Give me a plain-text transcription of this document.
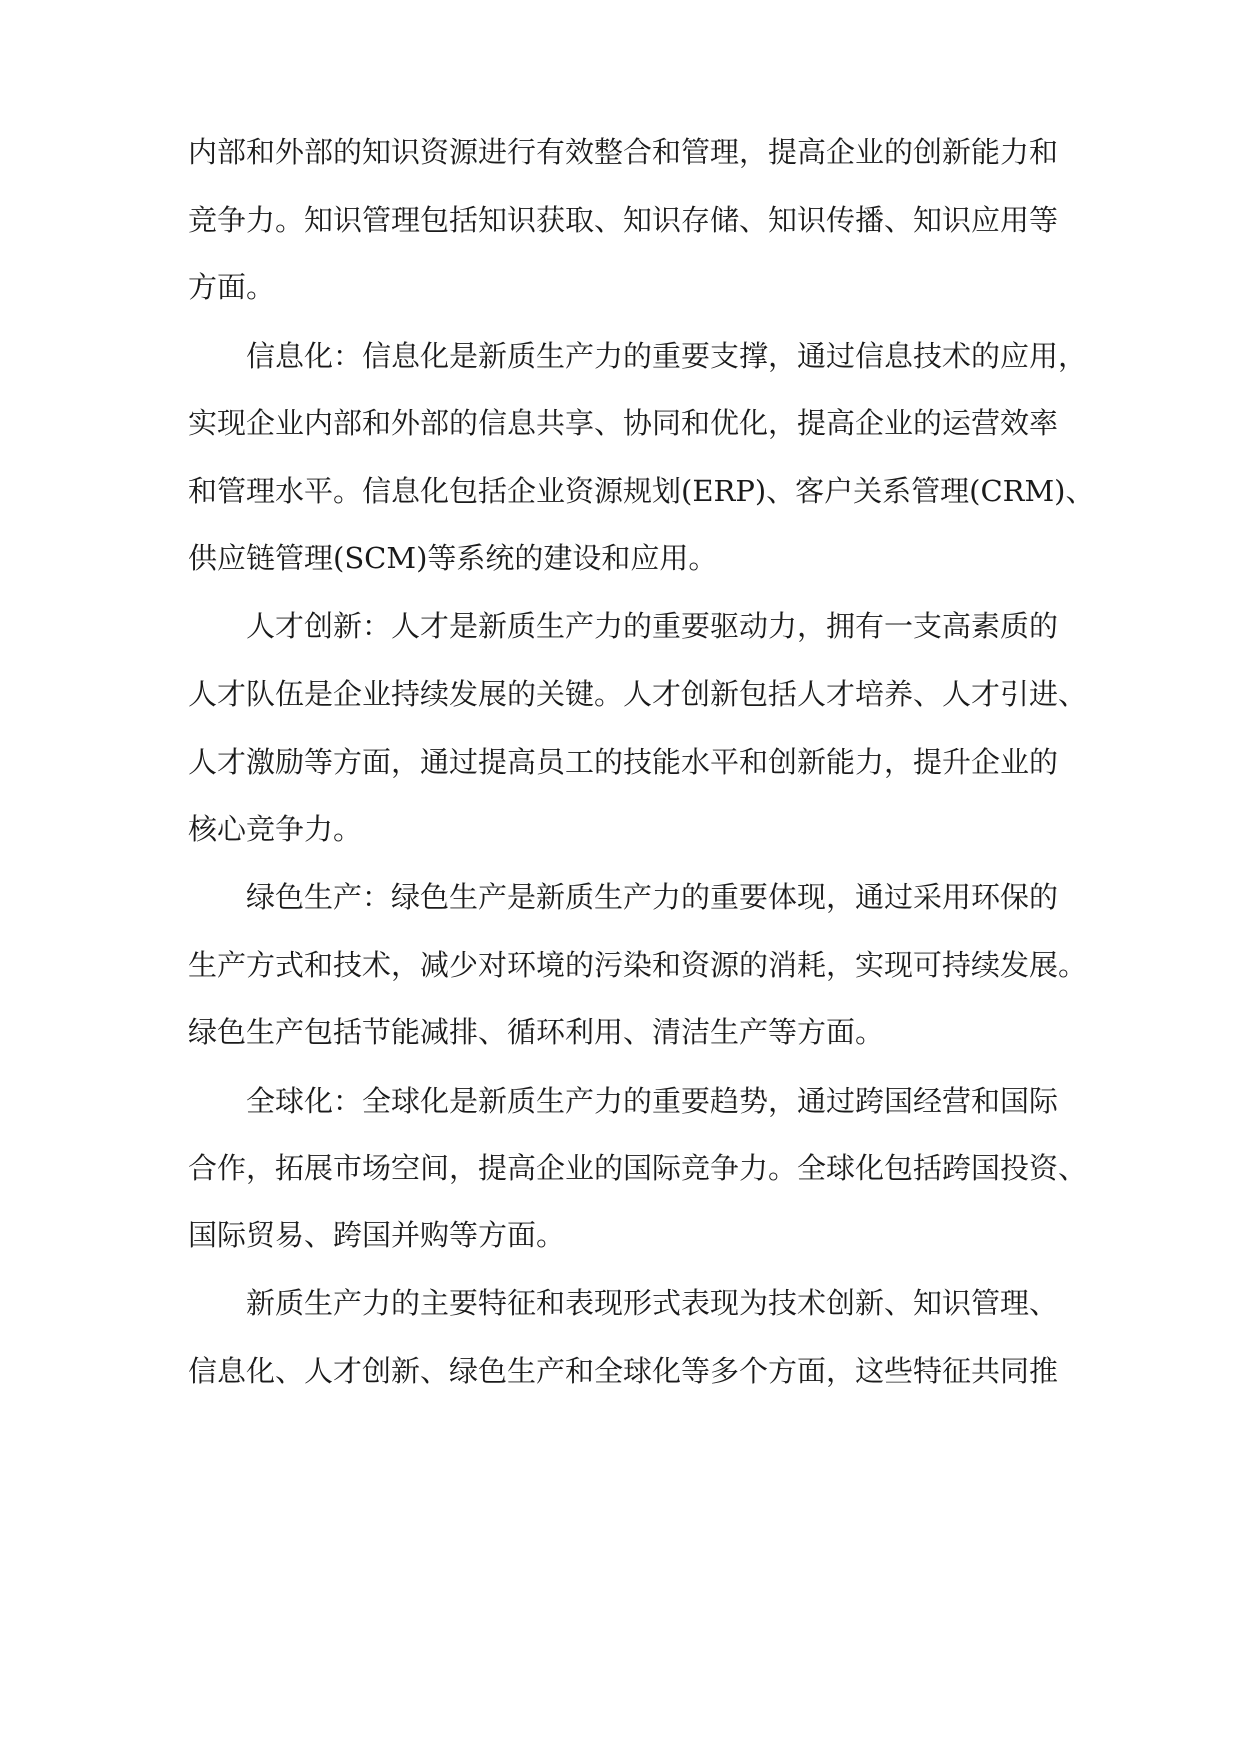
内部和外部的知识资源进行有效整合和管理，提高企业的创新能力和
竞争力。知识管理包括知识获取、知识存储、知识传播、知识应用等
方面。
信息化：信息化是新质生产力的重要支撑，通过信息技术的应用，
实现企业内部和外部的信息共享、协同和优化，提高企业的运营效率
和管理水平。信息化包括企业资源规划(ERP)、客户关系管理(CRM)、
供应链管理(SCM)等系统的建设和应用。
人才创新：人才是新质生产力的重要驱动力，拥有一支高素质的
人才队伍是企业持续发展的关键。人才创新包括人才培养、人才引进、
人才激励等方面，通过提高员工的技能水平和创新能力，提升企业的
核心竞争力。
绿色生产：绿色生产是新质生产力的重要体现，通过采用环保的
生产方式和技术，减少对环境的污染和资源的消耗，实现可持续发展。
绿色生产包括节能减排、循环利用、清洁生产等方面。
全球化：全球化是新质生产力的重要趋势，通过跨国经营和国际
合作，拓展市场空间，提高企业的国际竞争力。全球化包括跨国投资、
国际贸易、跨国并购等方面。
新质生产力的主要特征和表现形式表现为技术创新、知识管理、
信息化、人才创新、绿色生产和全球化等多个方面，这些特征共同推
